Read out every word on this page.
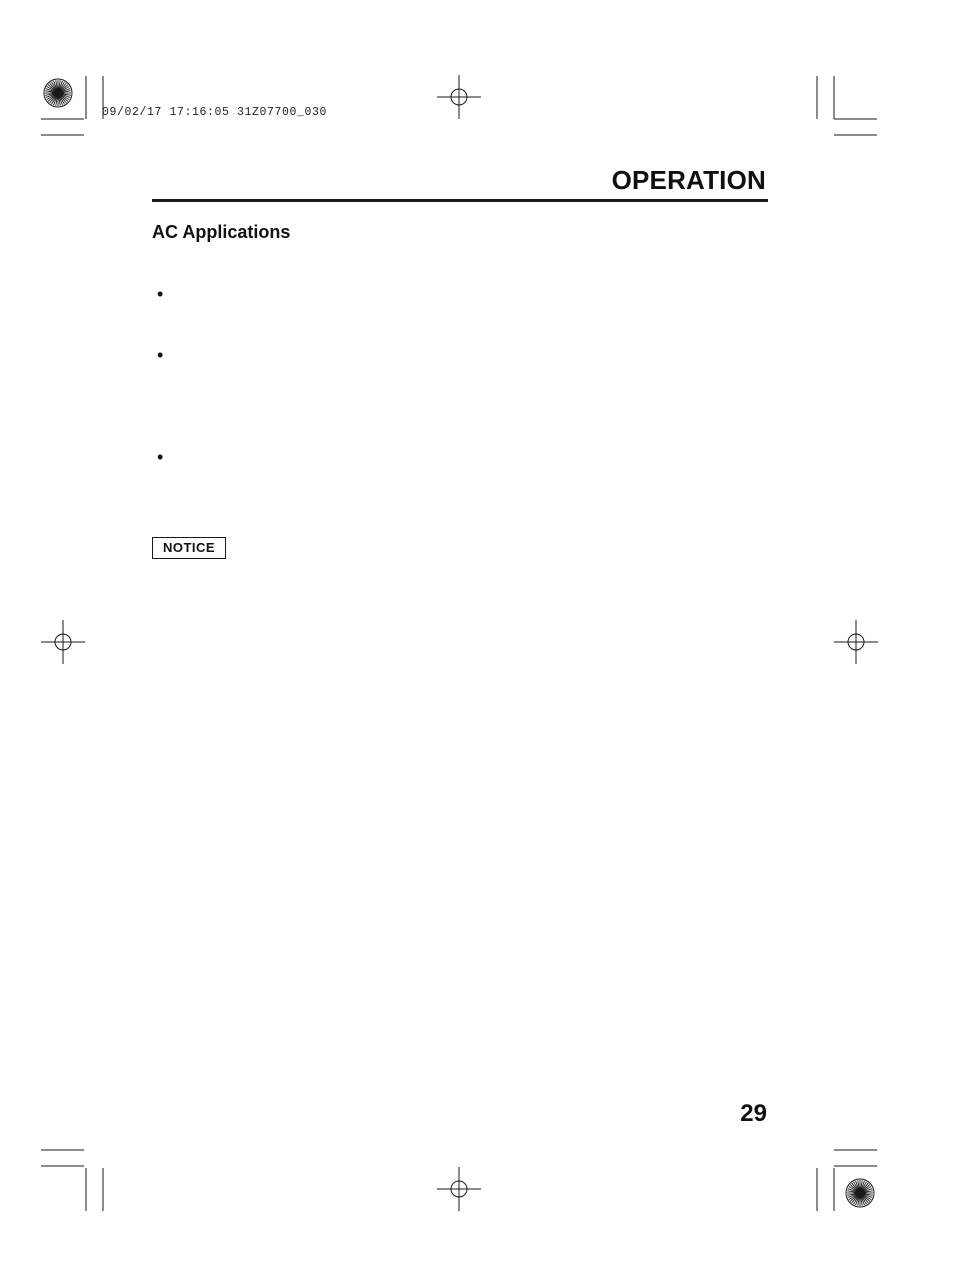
09/02/17 17:16:05 31Z07700_030
OPERATION
AC Applications
•
•
•
NOTICE
29
